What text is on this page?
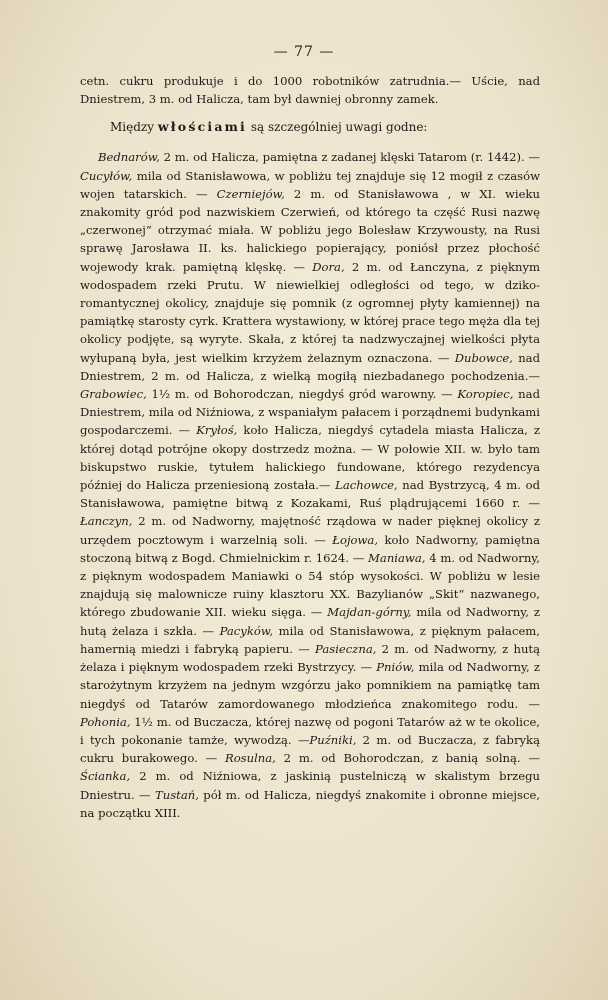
— 77 —

cetn. cukru produkuje i do 1000 robotników zatrudnia.— Uście, nad Dniestrem, 3 m. od Halicza, tam był dawniej obronny zamek.

Między włościami są szczególniej uwagi godne:

Bednarów, 2 m. od Halicza, pamiętna z zadanej klęski Tatarom (r. 1442). — Cucyłów, mila od Stanisławowa, w pobliżu tej znajduje się 12 mogił z czasów wojen tatarskich. — Czerniejów, 2 m. od Stanisławowa , w XI. wieku znakomity gród pod nazwiskiem Czerwień, od którego ta część Rusi nazwę „czerwonej“ otrzymać miała. W pobliżu jego Bolesław Krzywousty, na Rusi sprawę Jarosława II. ks. halickiego popierający, poniósł przez płochość wojewody krak. pamiętną klęskę. — Dora, 2 m. od Łanczyna, z pięknym wodospadem rzeki Prutu. W niewielkiej odległości od tego, w dziko-romantycznej okolicy, znajduje się pomnik (z ogromnej płyty kamiennej) na pamiątkę starosty cyrk. Krattera wystawiony, w której prace tego męża dla tej okolicy podjęte, są wyryte. Skała, z której ta nadzwyczajnej wielkości płyta wyłupaną była, jest wielkim krzyżem żelaznym oznaczona. — Dubowce, nad Dniestrem, 2 m. od Halicza, z wielką mogiłą niezbadanego pochodzenia.—Grabowiec, 1½ m. od Bohorodczan, niegdyś gród warowny. — Koropiec, nad Dniestrem, mila od Niźniowa, z wspaniałym pałacem i porządnemi budynkami gospodarczemi. — Kryłoś, koło Halicza, niegdyś cytadela miasta Halicza, z której dotąd potrójne okopy dostrzedz można. — W połowie XII. w. było tam biskupstwo ruskie, tytułem halickiego fundowane, którego rezydencya później do Halicza przeniesioną została.— Lachowce, nad Bystrzycą, 4 m. od Stanisławowa, pamiętne bitwą z Kozakami, Ruś plądrującemi 1660 r. — Łanczyn, 2 m. od Nadworny, majętność rządowa w nader pięknej okolicy z urzędem pocztowym i warzelnią soli. — Łojowa, koło Nadworny, pamiętna stoczoną bitwą z Bogd. Chmielnickim r. 1624. — Maniawa, 4 m. od Nadworny, z pięknym wodospadem Maniawki o 54 stóp wysokości. W pobliżu w lesie znajdują się malownicze ruiny klasztoru XX. Bazylianów „Skit“ nazwanego, którego zbudowanie XII. wieku sięga. — Majdan-górny, mila od Nadworny, z hutą żelaza i szkła. — Pacyków, mila od Stanisławowa, z pięknym pałacem, hamernią miedzi i fabryką papieru. — Pasieczna, 2 m. od Nadworny, z hutą żelaza i pięknym wodospadem rzeki Bystrzycy. — Pniów, mila od Nadworny, z starożytnym krzyżem na jednym wzgórzu jako pomnikiem na pamiątkę tam niegdyś od Tatarów zamordowanego młodzieńca znakomitego rodu. — Pohonia, 1½ m. od Buczacza, której nazwę od pogoni Tatarów aż w te okolice, i tych pokonanie tamże, wywodzą. —Puźniki, 2 m. od Buczacza, z fabryką cukru burakowego. — Rosulna, 2 m. od Bohorodczan, z banią solną. — Ścianka, 2 m. od Niźniowa, z jaskinią pustelniczą w skalistym brzegu Dniestru. — Tustań, pół m. od Halicza, niegdyś znakomite i obronne miejsce, na początku XIII.
